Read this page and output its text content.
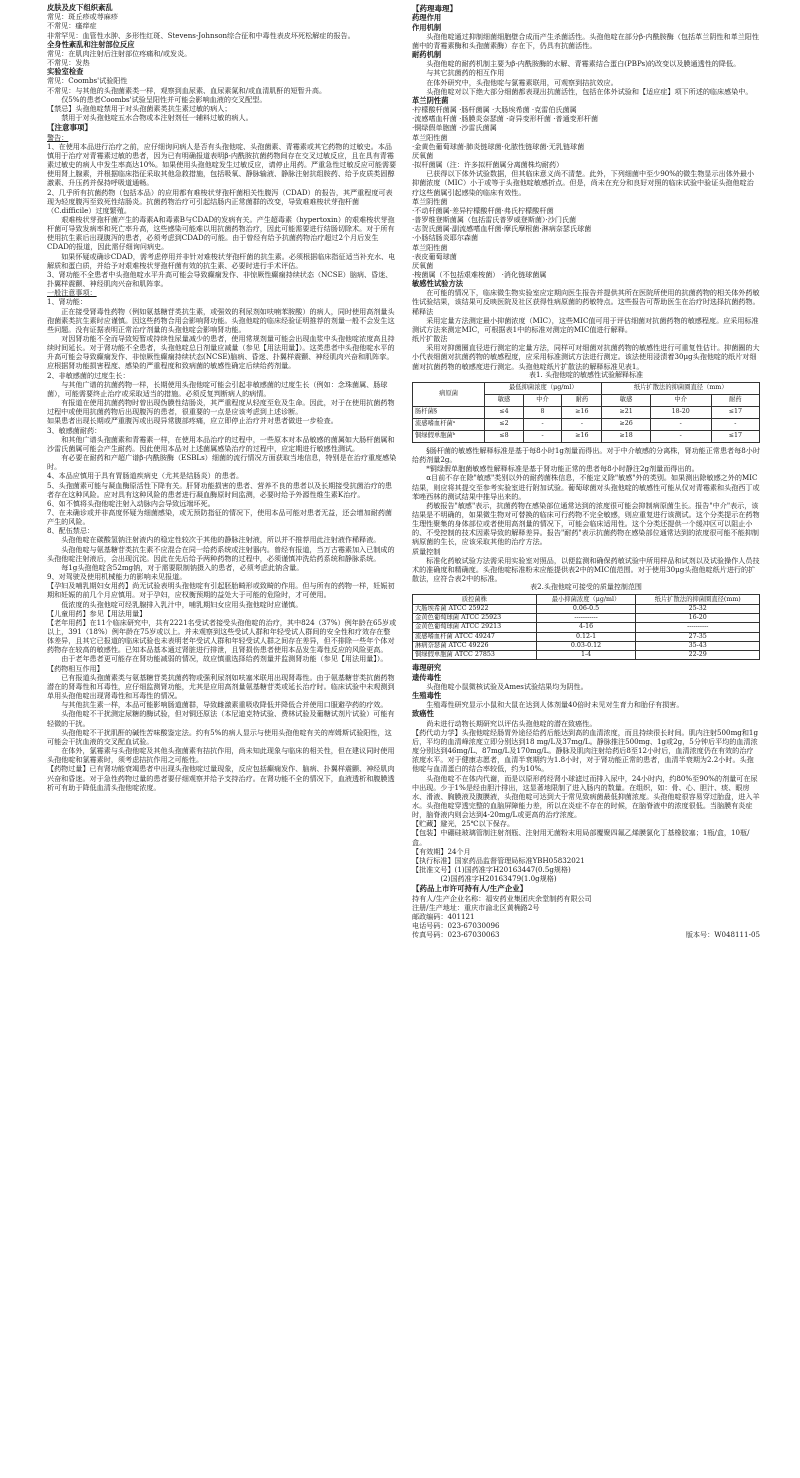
皮肤及皮下组织紊乱

常见：斑丘疹或荨麻疹

不常见：瘙痒症

非常罕见：血管性水肿、多形性红斑、Stevens-Johnson综合征和中毒性表皮坏死松解症的报告。

全身性紊乱和注射部位反应

常见：在肌肉注射后注射部位疼痛和/或发炎。

不常见：发热

实验室检查

常见：Coombs'试验阳性

不常见：与其他的头孢菌素类一样，观察到血尿素、血尿素氮和/或血清肌酐的短暂升高。

仅5%的患者Coombs'试验呈阳性并可能会影响血液的交叉配型。

【禁忌】头孢他啶禁用于对头孢菌素类抗生素过敏的病人；

禁用于对头孢他啶五水合物或本注射剂任一辅料过敏的病人。

【注意事项】

警告：

1、在使用本品进行治疗之前，应仔细询问病人是否有头孢他啶、头孢菌素、青霉素或其它药物的过敏史。本品慎用于治疗对青霉素过敏的患者，因为已有明确报道表明β-内酰胺抗菌药物间存在交叉过敏反应，且在具有青霉素过敏史的病人中发生率高达10%。如果使用头孢他啶发生过敏反应，请停止用药。严重急性过敏反应可能需要使用肾上腺素，并根据临床指征采取其他急救措施，包括吸氧、静脉输液、静脉注射抗组胺药、给予皮质类固醇激素、升压药并保持呼吸道通畅。

2、几乎所有抗菌药物（包括本品）的应用都有难梭状芽孢杆菌相关性腹泻（CDAD）的报告，其严重程度可表现为轻度腹泻至致死性结肠炎。抗菌药物治疗可引起结肠内正常菌群的改变，导致难难梭状芽孢杆菌（C.difficile）过度繁殖。

艰难梭状芽孢杆菌产生的毒素A和毒素B与CDAD的发病有关。产生超毒素（hypertoxin）的艰难梭状芽孢杆菌可导致发病率和死亡率升高，这些感染可能难以用抗菌药物治疗，因此可能需要进行结肠切除术。对于所有使用抗生素后出现腹泻的患者，必须考虑到CDAD的可能。由于曾经有给予抗菌药物治疗超过2个月后发生CDAD的报道，因此需仔细询问病史。

如果怀疑或确诊CDAD，需考虑停用并非针对难梭状芽孢杆菌的抗生素。必须根据临床指征适当补充水、电解质和蛋白质，并给予对艰难梭状芽孢杆菌有效的抗生素、必要时进行手术评估。

3、肾功能不全患者中头孢他啶水平升高可能会导致癫痫发作、非惊厥性癫痫持续状态（NCSE）脑病、昏迷、扑翼样震颤、神经肌肉兴奋和肌阵挛。

一般注意事项：

1、肾功能：

正在接受肾毒性药物（例如氨基糖苷类抗生素，或强效的利尿剂如呋喃苯胺酸）的病人，同时使用高剂量头孢菌素类抗生素时应谨慎。因这些药物合用会影响肾功能。头孢他啶的临床经验证明推荐的剂量一般不会发生这些问题。没有证据表明正常治疗剂量的头孢他啶会影响肾功能。

对因肾功能不全而导致短暂或持续性尿量减少的患者，使用常规剂量可能会出现血浆中头孢他啶浓度高且持续时间延长。对于肾功能不全患者，头孢他啶总日剂量应减量（参见【用法用量】）。这类患者中头孢他啶水平的升高可能会导致癫痫发作、非惊厥性癫痫持续状态(NCSE)脑病、昏迷、扑翼样震颤、神经肌肉兴奋和肌阵挛。应根据肾功能损害程度、感染的严重程度和致病菌的敏感性确定后续给药剂量。

2、非敏感菌的过度生长：

与其他广谱的抗菌药物一样，长期使用头孢他啶可能会引起非敏感菌的过度生长（例如：念珠菌属、肠球菌），可能需要终止治疗或采取适当的措施。必须反复判断病人的病情。

有报道在使用抗菌药物时曾出现伪膜性结肠炎，其严重程度从轻度至危及生命。因此，对于在使用抗菌药物过程中或使用抗菌药物后出现腹泻的患者，很重要的一点是应该考虑到上述诊断。

如果患者出现长期或严重腹泻或出现异常腹部疼痛，应立即停止治疗并对患者做进一步检查。

3、敏感菌耐药：

和其他广谱头孢菌素和青霉素一样，在使用本品治疗的过程中，一些原本对本品敏感的菌属如大肠杆菌属和沙雷氏菌属可能会产生耐药。因此使用本品对上述菌属感染治疗的过程中，应定期进行敏感性测试。

有必要在耐药和产超广谱β-内酰胺酶（ESBLs）细菌的流行情况方面获取当地信息，特别是在治疗重度感染时。

4、本品应慎用于具有胃肠道疾病史（尤其是结肠炎）的患者。

5、头孢菌素可能与凝血酶原活性下降有关。肝肾功能损害的患者、营养不良的患者以及长期接受抗菌治疗的患者存在这种风险。应对具有这种风险的患者进行凝血酶原时间监测，必要时给予外源性维生素K治疗。

6、如不慎将头孢他啶注射入动脉内会导致远端坏死。

7、在未确诊或并非高度怀疑为细菌感染，或无预防指征的情况下，使用本品可能对患者无益，还会增加耐药菌产生的风险。

8、配伍禁忌：

头孢他啶在碳酸氢钠注射液内的稳定性较次于其他的静脉注射液，所以并不推荐用此注射液作稀释液。

头孢他啶与氨基糖苷类抗生素不应混合在同一给药系统或注射器内。曾经有报道，当万古霉素加入已制成的头孢他啶注射液后，会出现沉淀。因此在先后给予两种药物的过程中，必须谨慎冲洗给药系统和静脉系统。

每1g头孢他啶含52mg钠，对于需要限制钠摄入的患者，必须考虑此钠含量。

9、对驾驶及使用机械能力的影响未见报道。

【孕妇及哺乳期妇女用药】尚无试验表明头孢他啶有引起胚胎畸形或致畸的作用。但与所有的药物一样，妊娠初期和妊娠的前几个月应慎用。对于孕妇，应权衡预期的益处大于可能的危险时，才可使用。

低浓度的头孢他啶可经乳腺排入乳汁中，哺乳期妇女应用头孢他啶时应谨慎。

【儿童用药】参见【用法用量】

【老年用药】在11个临床研究中，共有2221名受试者接受头孢他啶的治疗，其中824（37%）例年龄在65岁或以上，391（18%）例年龄在75岁或以上。并未观察到这些受试人群和年轻受试人群间的安全性和疗效存在整体差异，且其它已报道的临床试验也未表明老年受试人群和年轻受试人群之间存在差异，但不排除一些年个体对药物存在较高的敏感性。已知本品基本通过肾脏进行排泄，且肾损伤患者使用本品发生毒性反应的风险更高。

由于老年患者更可能存在肾功能减弱的情况，故应慎重选择给药剂量并监测肾功能（参见【用法用量】）。

【药物相互作用】

已有报道头孢菌素类与氨基糖苷类抗菌药物或强利尿剂如呋塞米联用出现肾毒性。由于氨基糖苷类抗菌药物潜在的肾毒性和耳毒性，应仔细监测肾功能，尤其是应用高剂量氨基糖苷类或延长治疗时。临床试验中未观测到单用头孢他啶出现肾毒性和耳毒性的情况。

与其他抗生素一样，本品可能影响肠道菌群，导致雌激素重吸收降低并降低合并使用口服避孕药的疗效。

头孢他啶不干扰测定尿糖的酶试验，但对铜还原法（本尼迪克特试验、费林试验及葡糖试剂片试验）可能有轻微的干扰。

头孢他啶不干扰肌酐的碱性苦味酸鉴定法。约有5%的病人显示与使用头孢他啶有关的库姆斯试验阳性，这可能会干扰血液的交叉配血试验。

在体外，氯霉素与头孢他啶及其他头孢菌素有拮抗作用，尚未知此现象与临床的相关性，但在建议同时使用头孢他啶和氯霉素时，须考虑拮抗作用之可能性。

【药物过量】已有肾功能衰竭患者中出现头孢他啶过量现象，反应包括癫痫发作、脑病、扑翼样震颤、神经肌肉兴奋和昏迷。对于急性药物过量的患者要仔细观察并给予支持治疗。在肾功能不全的情况下，血液透析和腹膜透析可有助于降低血清头孢他啶浓度。

【药理毒理】

药理作用

作用机制

头孢他啶通过抑制细菌细胞壁合成而产生杀菌活性。头孢他啶在部分β-内酰胺酶（包括革兰阴性和革兰阳性菌中的青霉素酶和头孢菌素酶）存在下，仍具有抗菌活性。

耐药机制

头孢他啶的耐药机制主要为β-内酰胺酶的水解、青霉素结合蛋白(PBPs)的改变以及膜通透性的降低。

与其它抗菌药的相互作用

在体外研究中，头孢他啶与氯霉素联用，可观察到拮抗效应。

头孢他啶对以下绝大部分细菌都表现出抗菌活性，包括在体外试验和【适应症】项下所述的临床感染中。

革兰阴性菌

·柠檬酸杆菌属 ·肠杆菌属 ·大肠埃希菌 ·克雷伯氏菌属

·流感嗜血杆菌 ·肠膜炎奈瑟菌 ·奇异变形杆菌 ·普通变形杆菌

·铜绿假单胞菌 ·沙雷氏菌属

革兰阳性菌

·金黄色葡萄球菌·肺炎链球菌·化脓性链球菌·无乳链球菌

厌氧菌

·拟杆菌属（注：许多拟杆菌属分离菌株均耐药）

已获得以下体外试验数据，但其临床意义尚不清楚。此外，下列细菌中至少90%的微生物显示出体外最小抑菌浓度（MIC）小于或等于头孢他啶敏感折点。但是，尚未在充分和良好对照的临床试验中验证头孢他啶治疗这些菌属引起感染的临床有效性。

革兰阴性菌

·不动杆菌属·差异柠檬酸杆菌·弗氏柠檬酸杆菌

·普罗维登斯菌属（包括雷氏普罗威登斯菌）·沙门氏菌

·志贺氏菌属·副流感嗜血杆菌·摩氏摩根菌·淋病奈瑟氏球菌

·小肠结肠炎耶尔森菌

革兰阳性菌

·表皮葡萄球菌

厌氧菌

·梭菌属（不包括艰难梭菌） ·消化链球菌属

敏感性试验方法

在可能的情况下，临床微生物实验室应定期向医生报告并提供其所在医院所使用的抗菌药物的相关体外药敏性试验结果，该结果可反映医院及社区获得性病原菌的药敏特点。这些报告可帮助医生在治疗时选择抗菌药物。

稀释法

采用定量方法测定最小抑菌浓度（MIC），这些MIC值可用于评估细菌对抗菌药物的敏感程度。应采用标准测试方法来测定MIC，可根据表1中的标准对测定的MIC值进行解释。

纸片扩散法

采用对抑菌圈直径进行测定的定量方法，同样可对细菌对抗菌药物的敏感性进行可重复性估计。抑菌圈的大小代表细菌对抗菌药物的敏感程度，应采用标准测试方法进行测定。该法使用浸渍着30μg头孢他啶的纸片对细菌对抗菌药物的敏感度进行测定。头孢他啶纸片扩散法的解释标准见表1。

表1. 头孢他啶的敏感性试验解释标准
病原菌	最低抑菌浓度（μg/ml）			纸片扩散法的抑菌圈直径（mm）		
	敏感	中介	耐药	敏感	中介	耐药
肠杆菌§	≤4	8	≥16	≥21	18-20	≤17
流感嗜血杆菌ᵃ	≤2	-	-	≥26	-	-
铜绿假单胞菌ᵇ	≤8	-	≥16	≥18	-	≤17

§肠杆菌的敏感性解释标准是基于每8小时1g剂量而得出。对于中介敏感的分离株，肾功能正常患者每8小时给药剂量2g。

*铜绿假单胞菌敏感性解释标准是基于肾功能正常的患者每8小时静注2g剂量而得出的。

α目前不存在除"敏感"类别以外的耐药菌株信息，不能定义除"敏感"外的类别。如果测出除敏感之外的MIC结果，则应将其提交至参考实验室进行附加试验。葡萄球菌对头孢他啶的敏感性可能从仅对青霉素和头孢西丁或苯唑西林的测试结果中推导出来的。

药敏报告"敏感"表示，抗菌药物在感染部位通常达到的浓度很可能会抑制病原菌生长。报告"中介"表示，该结果是不明确的，如果微生物对可替换的临床可行药物不完全敏感，则应重复进行该测试。这个分类提示在药物生理性聚集的身体部位或者使用高剂量的情况下，可能会临床适用性。这个分类还提供一个缓冲区可以阻止小的、不受控制的技术因素导致的解释差异。报告"耐药"表示抗菌药物在感染部位通常达到的浓度很可能不能抑制病原菌的生长，应该采取其他的治疗方法。

质量控制

标准化药敏试验方法需采用实验室对照品，以便监测和确保药敏试验中所用样品和试剂以及试验操作人员技术的准确度和精确度。头孢他啶标准粉末应能提供表2中的MIC值范围。对于使用30μg头孢他啶纸片进行的扩散法，应符合表2中的标准。

表2.头孢他啶可接受的质量控制范围
质控菌株	最小抑菌浓度（μg/ml）	纸片扩散法的抑菌圈直径(mm)
大肠埃希菌 ATCC 25922	0.06-0.5	25-32
金黄色葡萄球菌 ATCC 25923	-----------	16-20
金黄色葡萄球菌 ATCC 29213	4-16	----------
流感嗜血杆菌 ATCC 49247	0.12-1	27-35
淋病奈瑟菌 ATCC 49226	0.03-0.12	35-43
铜绿假单胞菌 ATCC 27853	1-4	22-29

毒理研究

遗传毒性

头孢他啶小鼠微核试验及Ames试验结果均为阴性。

生殖毒性

生殖毒性研究显示小鼠和大鼠在达到人体剂量40倍时未见对生育力和胎仔有损害。

致癌性

尚未进行动物长期研究以评估头孢他啶的潜在致癌性。

【药代动力学】头孢他啶经肠胃外途径给药后能达到高的血清浓度，而且持续很长时间。肌内注射500mg和1g后，平均的血清峰浓度立即分别达到18 mg/L及37mg/L。静脉推注500mg、1g或2g，5分钟后平均的血清浓度分别达到46mg/L、87mg/L及170mg/L。静脉及肌肉注射给药后8至12小时后，血清浓度仍在有效的治疗浓度水平。对于健康志愿者，血清半衰期约为1.8小时，对于肾功能正常的患者，血清半衰期为2.2小时。头孢他啶与血清蛋白的结合率较低，约为10%。

头孢他啶不在体内代谢，而是以原形药经肾小球滤过而排入尿中，24小时内，约80%至90%的剂量可在尿中出现。少于1%是经由胆汁排出，这显著地限制了进入肠内的数量。在组织，如：骨、心、胆汁、痰、眼房水、滑液、胸膜液及腹膜液，头孢他啶可达到大于常见致病菌最低抑菌浓度。头孢他啶很容易穿过胎盘，进入羊水。头孢他啶穿透完整的血脑屏障能力差，所以在炎症不存在的时候，在脑脊液中的浓度很低。当脑膜有炎症时，脑脊液内则会达到4-20mg/L或更高的治疗浓度。

【贮藏】避光，25℃以下保存。

【包装】中硼硅玻璃管制注射剂瓶、注射用无菌粉末用局部覆聚四氟乙烯膜氯化丁基橡胶塞；1瓶/盒，10瓶/盒。

【有效期】24个月

【执行标准】国家药品监督管理局标准YBH05832021

【批准文号】(1)国药准字H20163447(0.5g规格)

(2)国药准字H20163479(1.0g规格)

【药品上市许可持有人/生产企业】

持有人/生产企业名称：福安药业集团庆余堂制药有限公司

注册/生产地址：重庆市渝北区黄桷路2号

邮政编码：401121

电话号码：023-67030096

传真号码：023-67030063	版本号：W048111-05
